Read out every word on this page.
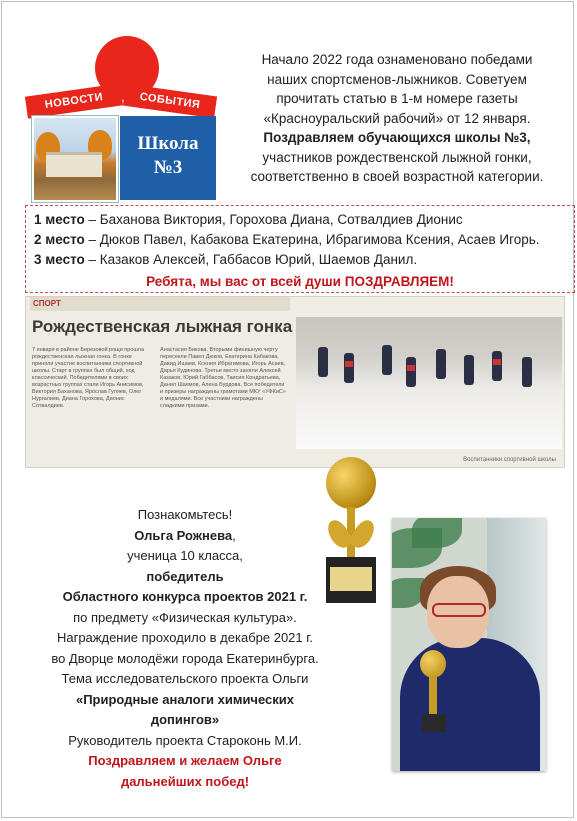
НОВОСТИ	СОБЫТИЯ
Школа
№3
Начало 2022 года ознаменовано победами
наших спортсменов-лыжников. Советуем
прочитать статью в 1-м номере газеты
«Красноуральский рабочий» от 12 января.
Поздравляем обучающихся школы №3,
участников рождественской лыжной гонки,
соответственно в своей возрастной категории.
1 место – Баханова Виктория, Горохова Диана, Сотвалдиев Дионис
2 место – Дюков Павел, Кабакова Екатерина, Ибрагимова Ксения, Асаев Игорь.
3 место – Казаков Алексей, Габбасов Юрий, Шаемов Данил.
Ребята, мы вас от всей души ПОЗДРАВЛЯЕМ!
СПОРТ
Рождественская лыжная гонка
7 января в районе Березовой рощи прошла рождественская лыжная гонка. В гонке приняли участие воспитанники спортивной школы. Старт в группах был общий, ход классический. Победителями в своих возрастных группах стали Игорь Анисимов, Виктория Баханова, Ярослав Гуляев, Олег Нургалиев, Диана Горохова, Дионис Сотвалдиев.
Анастасия Бикова. Вторыми финишную черту пересекли Павел Дюков, Екатерина Кабакова, Давид Ишаев, Ксения Ибрагимова, Игорь Асаев, Дарья Кудинова. Третье место заняли Алексей Казаков, Юрий Габбасов, Таисия Кондратьева, Данил Шаемов, Алена Бурдова. Все победители и призеры награждены грамотами МКУ «УФКиС» и медалями. Все участники награждены сладкими призами.
Воспитанники спортивной школы
Познакомьтесь!
Ольга Рожнева,
ученица 10 класса,
победитель
Областного конкурса проектов 2021 г.
по предмету «Физическая культура».
Награждение проходило в декабре 2021 г.
во Дворце молодёжи города Екатеринбурга.
Тема исследовательского проекта Ольги
«Природные аналоги химических
допингов»
Руководитель проекта Староконь М.И.
Поздравляем и желаем Ольге
дальнейших побед!
